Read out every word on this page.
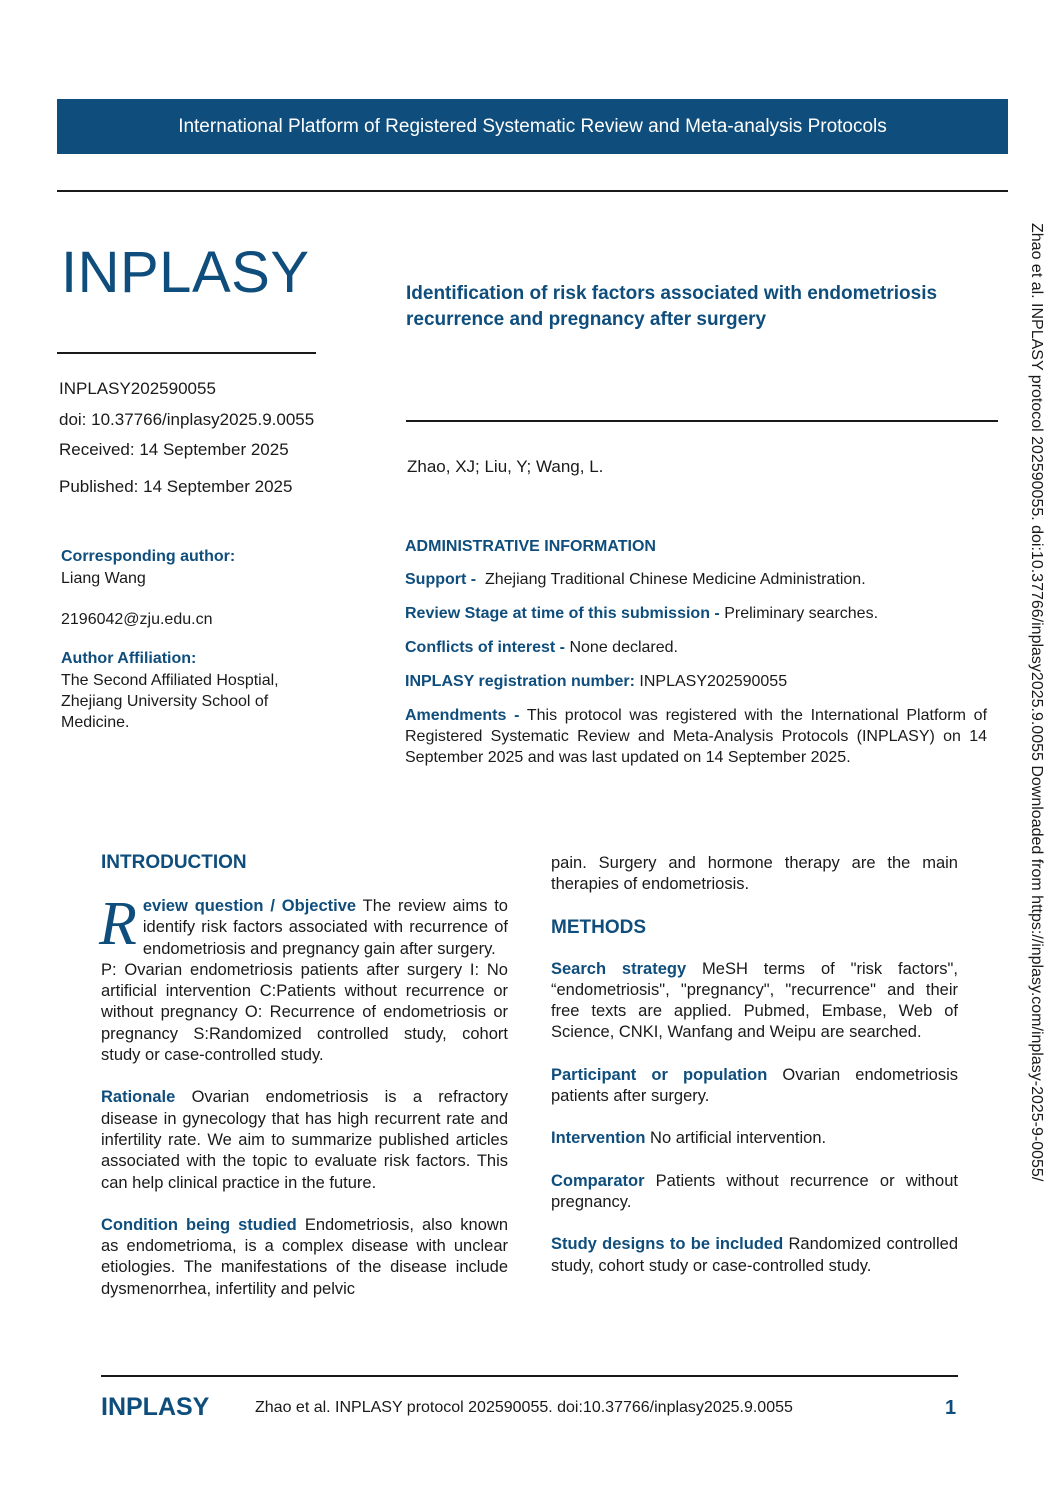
International Platform of Registered Systematic Review and Meta-analysis Protocols
INPLASY	Identification of risk factors associated with endometriosis recurrence and pregnancy after surgery
INPLASY202590055
doi: 10.37766/inplasy2025.9.0055
Received: 14 September 2025
Published: 14 September 2025
Zhao, XJ; Liu, Y; Wang, L.
Corresponding author:
Liang Wang
2196042@zju.edu.cn
Author Affiliation:
The Second Affiliated Hosptial, Zhejiang University School of Medicine.
ADMINISTRATIVE INFORMATION

Support - Zhejiang Traditional Chinese Medicine Administration.

Review Stage at time of this submission - Preliminary searches.

Conflicts of interest - None declared.

INPLASY registration number: INPLASY202590055

Amendments - This protocol was registered with the International Platform of Registered Systematic Review and Meta-Analysis Protocols (INPLASY) on 14 September 2025 and was last updated on 14 September 2025.

INTRODUCTION

Review question / Objective The review aims to identify risk factors associated with recurrence of endometriosis and pregnancy gain after surgery.

P: Ovarian endometriosis patients after surgery I: No artificial intervention C:Patients without recurrence or without pregnancy O: Recurrence of endometriosis or pregnancy S:Randomized controlled study, cohort study or case-controlled study.

Rationale Ovarian endometriosis is a refractory disease in gynecology that has high recurrent rate and infertility rate. We aim to summarize published articles associated with the topic to evaluate risk factors. This can help clinical practice in the future.

Condition being studied Endometriosis, also known as endometrioma, is a complex disease with unclear etiologies. The manifestations of the disease include dysmenorrhea, infertility and pelvic

pain. Surgery and hormone therapy are the main therapies of endometriosis.

METHODS

Search strategy MeSH terms of "risk factors", “endometriosis", "pregnancy", "recurrence" and their free texts are applied. Pubmed, Embase, Web of Science, CNKI, Wanfang and Weipu are searched.

Participant or population Ovarian endometriosis patients after surgery.

Intervention No artificial intervention.

Comparator Patients without recurrence or without pregnancy.

Study designs to be included Randomized controlled study, cohort study or case-controlled study.

Zhao et al. INPLASY protocol 202590055. doi:10.37766/inplasy2025.9.0055 Downloaded from https://inplasy.com/inplasy-2025-9-0055/
INPLASY	Zhao et al. INPLASY protocol 202590055. doi:10.37766/inplasy2025.9.0055	1
